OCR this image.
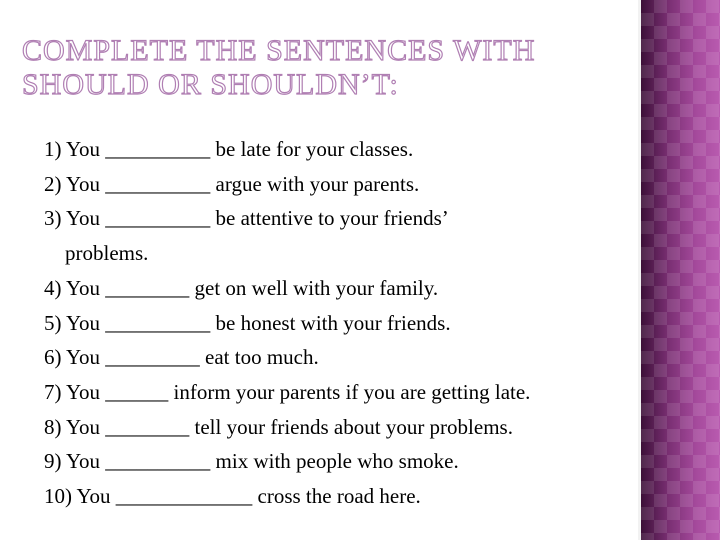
COMPLETE THE SENTENCES WITH
SHOULD OR SHOULDN’T:
1) You __________ be late for your classes.
2) You __________ argue with your parents.
3) You __________ be attentive to your friends’
problems.
4) You ________ get on well with your family.
5) You __________ be honest with your friends.
6) You _________ eat too much.
7) You ______ inform your parents if you are getting late.
8) You ________ tell your friends about your problems.
9) You __________ mix with people who smoke.
10) You _____________ cross the road here.
